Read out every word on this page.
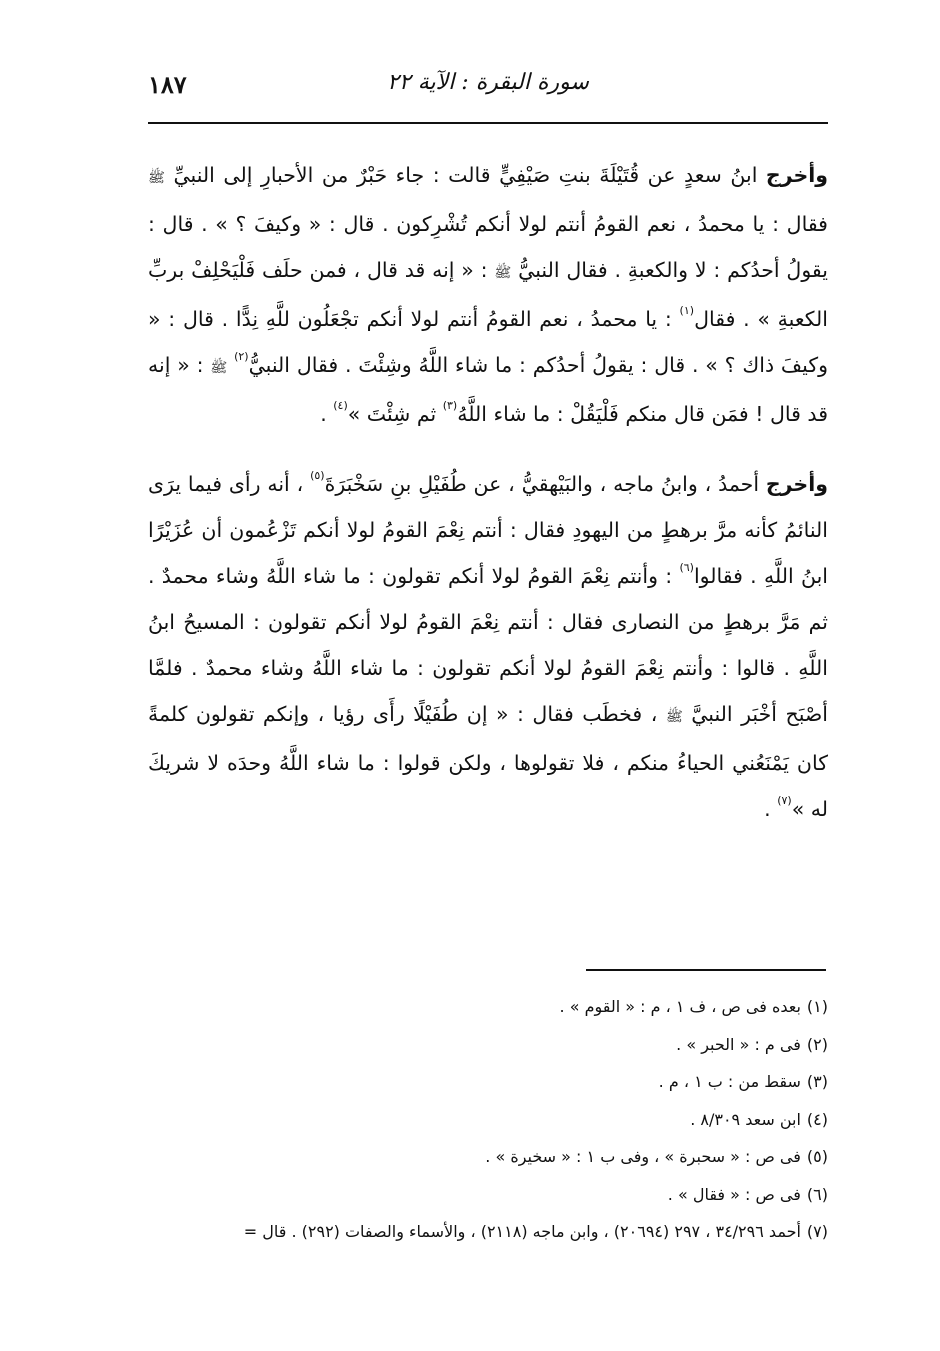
١٨٧	سورة البقرة : الآية ٢٢

وأخرج ابنُ سعدٍ عن قُتَيْلَةَ بنتِ صَيْفِيٍّ قالت : جاء حَبْرٌ من الأحبارِ إلى النبيِّ ﷺ فقال : يا محمدُ ، نعم القومُ أنتم لولا أنكم تُشْرِكون . قال : « وكيفَ ؟ » . قال : يقولُ أحدُكم : لا والكعبةِ . فقال النبيُّ ﷺ : « إنه قد قال ، فمن حلَف فَلْيَحْلِفْ بربِّ الكعبةِ » . فقال$^{(١)}$ : يا محمدُ ، نعم القومُ أنتم لولا أنكم تجْعَلُون للَّهِ نِدًّا . قال : « وكيفَ ذاك ؟ » . قال : يقولُ أحدُكم : ما شاء اللَّهُ وشِئْتَ . فقال النبيُّ$^{(٢)}$ ﷺ : « إنه قد قال ! فمَن قال منكم فَلْيَقُلْ : ما شاء اللَّهُ$^{(٣)}$ ثم شِئْتَ »$^{(٤)}$ .

وأخرج أحمدُ ، وابنُ ماجه ، والبَيْهقيُّ ، عن طُفَيْلِ بنِ سَخْبَرَةَ$^{(٥)}$ ، أنه رأى فيما يرَى النائمُ كأنه مرَّ برهطٍ من اليهودِ فقال : أنتم نِعْمَ القومُ لولا أنكم تَزْعُمون أن عُزَيْرًا ابنُ اللَّهِ . فقالوا$^{(٦)}$ : وأنتم نِعْمَ القومُ لولا أنكم تقولون : ما شاء اللَّهُ وشاء محمدٌ . ثم مَرَّ برهطٍ من النصارى فقال : أنتم نِعْمَ القومُ لولا أنكم تقولون : المسيحُ ابنُ اللَّهِ . قالوا : وأنتم نِعْمَ القومُ لولا أنكم تقولون : ما شاء اللَّهُ وشاء محمدٌ . فلمَّا أصْبَح أخْبَر النبيَّ ﷺ ، فخطَب فقال : « إن طُفَيْلًا رأَى رؤيا ، وإنكم تقولون كلمةً كان يَمْنَعُني الحياءُ منكم ، فلا تقولوها ، ولكن قولوا : ما شاء اللَّهُ وحدَه لا شريكَ له »$^{(٧)}$ .

(١)بعده فى ص ، ف ١ ، م : « القوم » .
(٢)فى م : « الحبر » .
(٣)سقط من : ب ١ ، م .
(٤)ابن سعد ٨/٣٠٩ .
(٥)فى ص : « سحبرة » ، وفى ب ١ : « سخيرة » .
(٦)فى ص : « فقال » .
(٧)أحمد ٣٤/٢٩٦ ، ٢٩٧ (٢٠٦٩٤) ، وابن ماجه (٢١١٨) ، والأسماء والصفات (٢٩٢) . قال =
